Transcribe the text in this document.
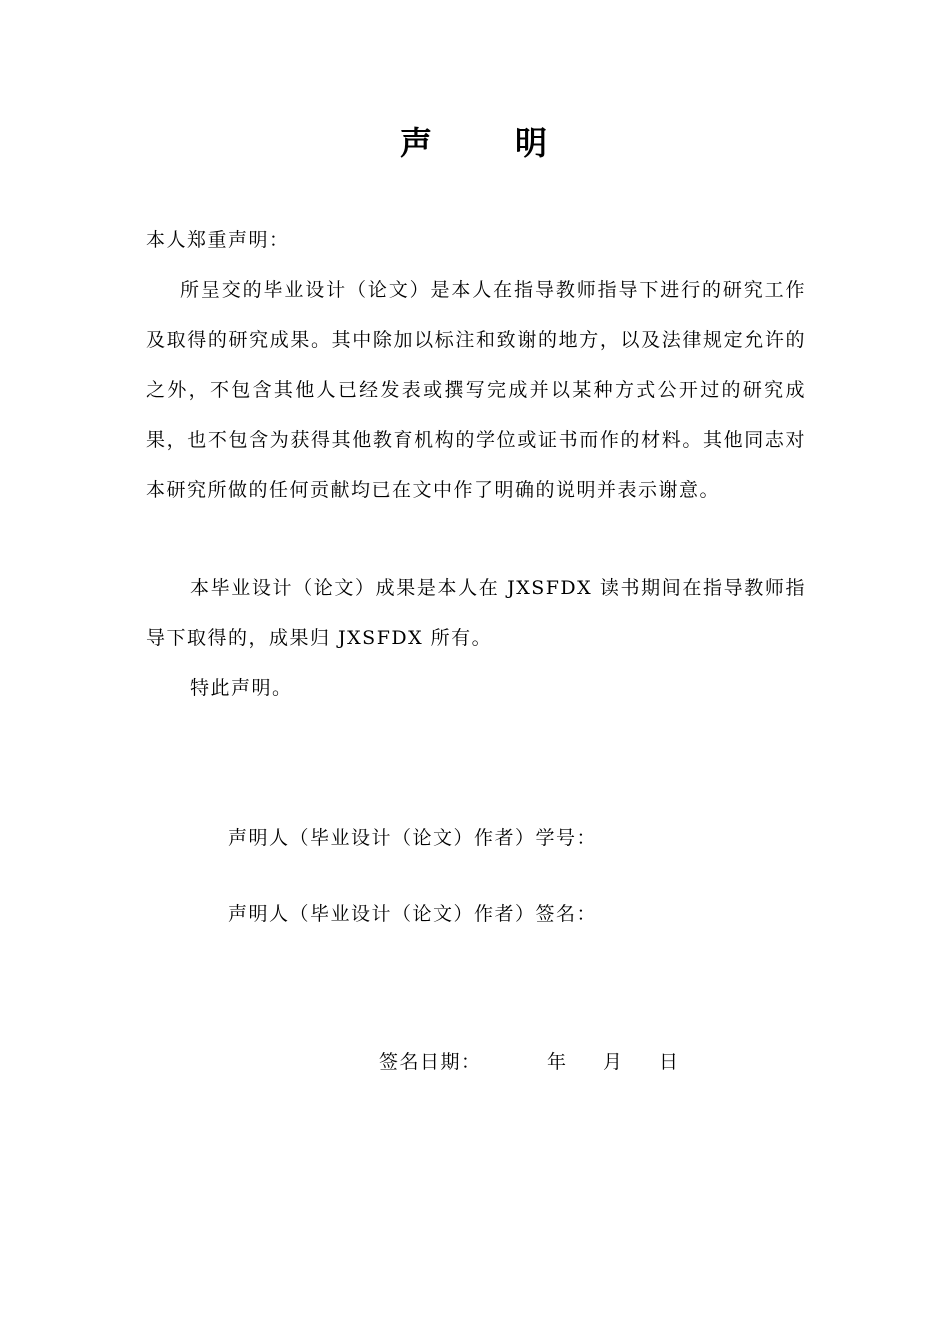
声	明
本人郑重声明：
所呈交的毕业设计（论文）是本人在指导教师指导下进行的研究工作及取得的研究成果。其中除加以标注和致谢的地方，以及法律规定允许的之外，不包含其他人已经发表或撰写完成并以某种方式公开过的研究成果，也不包含为获得其他教育机构的学位或证书而作的材料。其他同志对本研究所做的任何贡献均已在文中作了明确的说明并表示谢意。
本毕业设计（论文）成果是本人在 JXSFDX 读书期间在指导教师指导下取得的，成果归 JXSFDX 所有。
特此声明。
声明人（毕业设计（论文）作者）学号：
声明人（毕业设计（论文）作者）签名：
签名日期：	年 月 日
